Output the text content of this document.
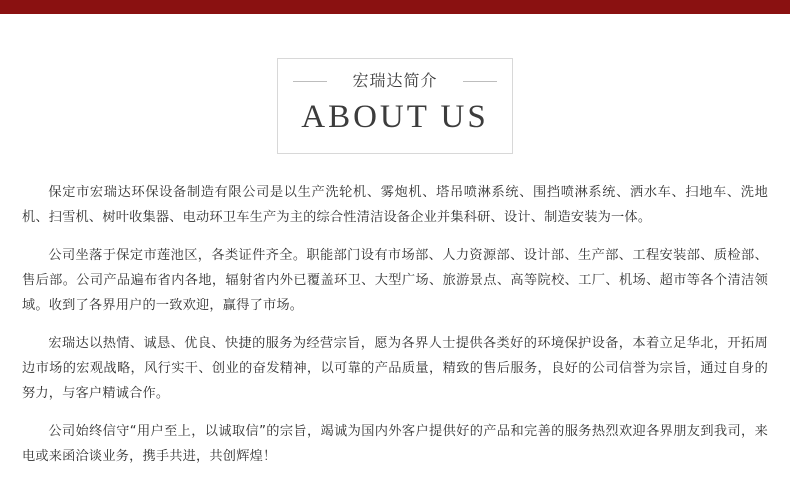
宏瑞达简介
ABOUT US

保定市宏瑞达环保设备制造有限公司是以生产洗轮机、雾炮机、塔吊喷淋系统、围挡喷淋系统、洒水车、扫地车、洗地机、扫雪机、树叶收集器、电动环卫车生产为主的综合性清洁设备企业并集科研、设计、制造安装为一体。

公司坐落于保定市莲池区，各类证件齐全。职能部门设有市场部、人力资源部、设计部、生产部、工程安装部、质检部、售后部。公司产品遍布省内各地，辐射省内外已覆盖环卫、大型广场、旅游景点、高等院校、工厂、机场、超市等各个清洁领域。收到了各界用户的一致欢迎，赢得了市场。

宏瑞达以热情、诚恳、优良、快捷的服务为经营宗旨，愿为各界人士提供各类好的环境保护设备，本着立足华北，开拓周边市场的宏观战略，风行实干、创业的奋发精神，以可靠的产品质量，精致的售后服务，良好的公司信誉为宗旨，通过自身的努力，与客户精诚合作。

公司始终信守“用户至上，以诚取信”的宗旨，竭诚为国内外客户提供好的产品和完善的服务热烈欢迎各界朋友到我司，来电或来函洽谈业务，携手共进，共创辉煌！
